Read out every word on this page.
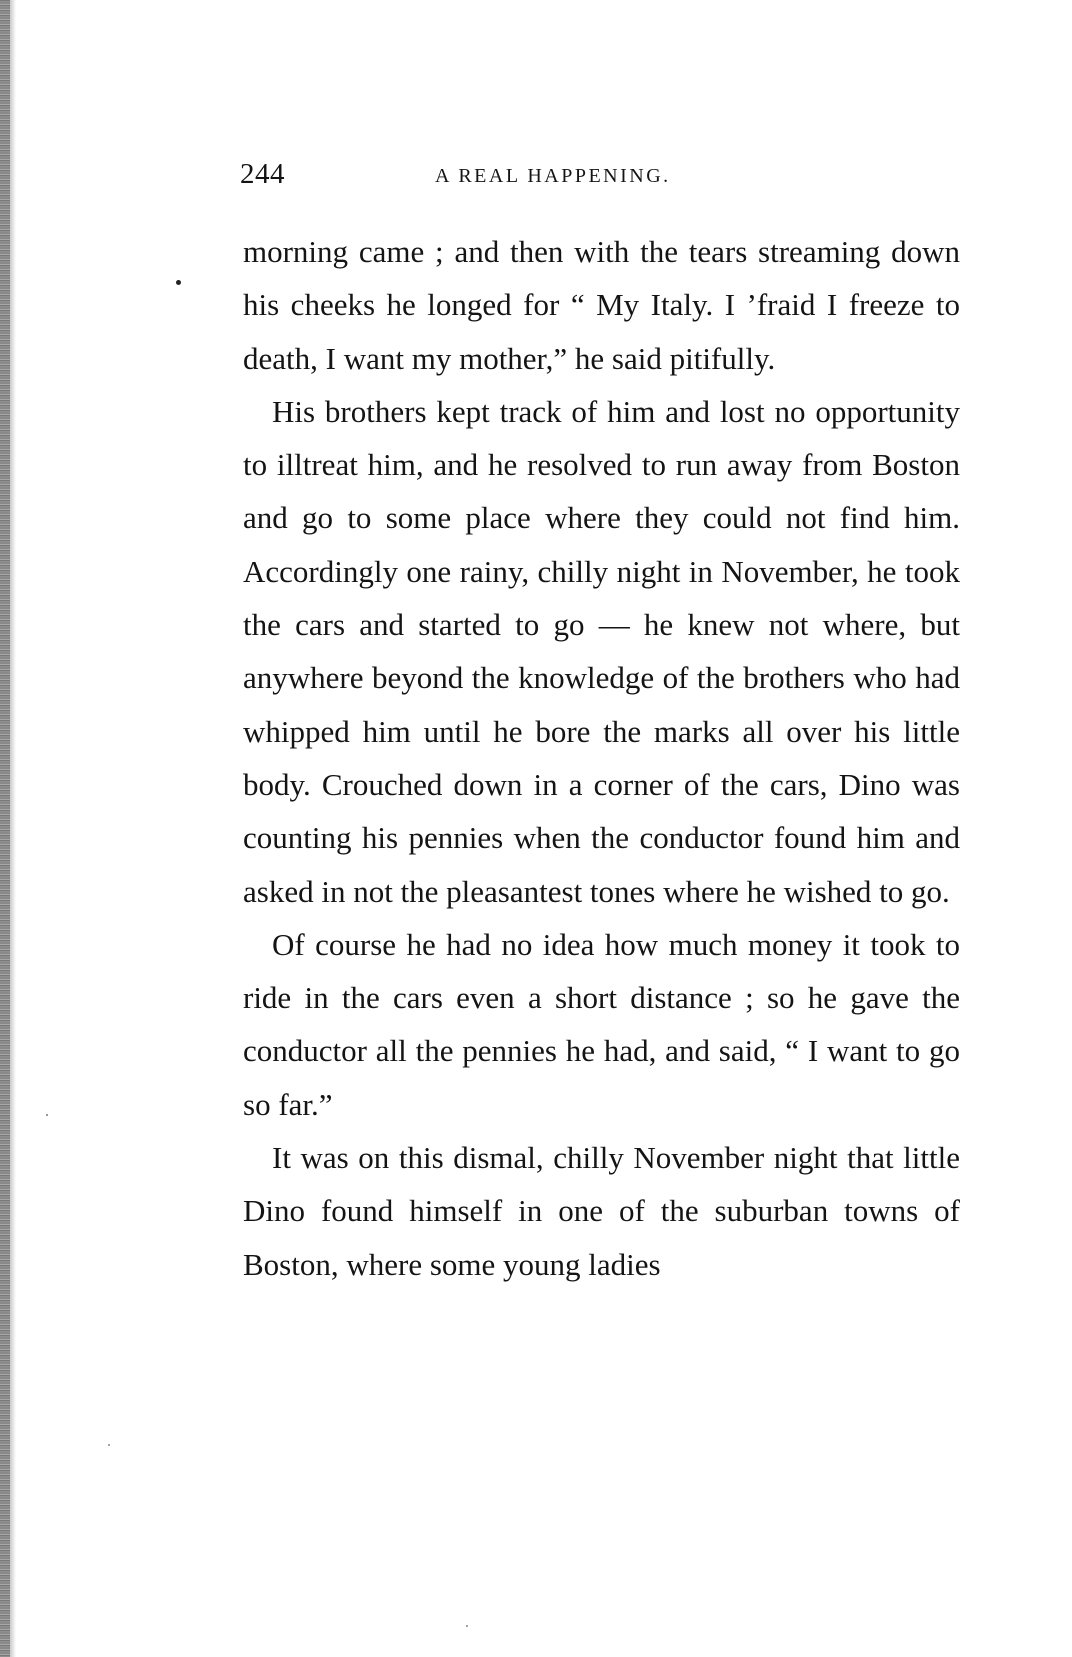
244	A REAL HAPPENING.

morning came ; and then with the tears streaming down his cheeks he longed for “ My Italy. I ’fraid I freeze to death, I want my mother,” he said pitifully.

His brothers kept track of him and lost no opportunity to illtreat him, and he resolved to run away from Boston and go to some place where they could not find him. Accordingly one rainy, chilly night in November, he took the cars and started to go — he knew not where, but anywhere beyond the knowledge of the brothers who had whipped him until he bore the marks all over his little body. Crouched down in a corner of the cars, Dino was counting his pennies when the conductor found him and asked in not the pleasantest tones where he wished to go.

Of course he had no idea how much money it took to ride in the cars even a short distance ; so he gave the conductor all the pennies he had, and said, “ I want to go so far.”

It was on this dismal, chilly November night that little Dino found himself in one of the suburban towns of Boston, where some young ladies
